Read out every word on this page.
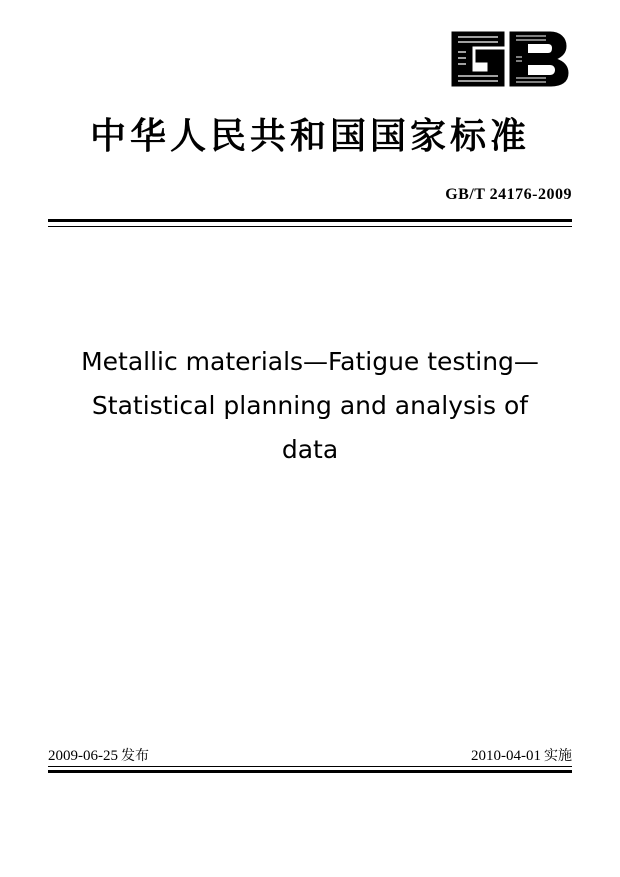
中华人民共和国国家标准
GB/T 24176-2009
Metallic materials—Fatigue testing—
Statistical planning and analysis of
data
2009-06-25 发布	2010-04-01 实施
